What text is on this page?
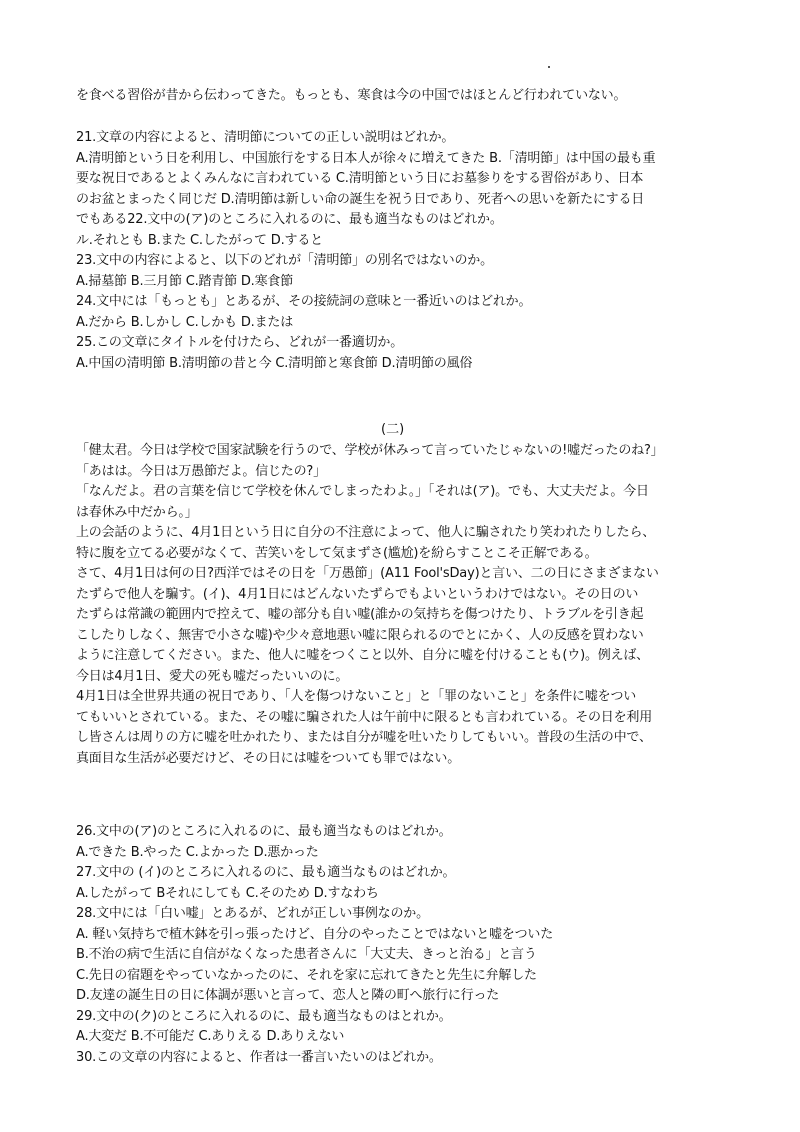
を食べる習俗が昔から伝わってきた。もっとも、寒食は今の中国ではほとんど行われていない。
21.文章の内容によると、清明節についての正しい説明はどれか。
A.清明節という日を利用し、中国旅行をする日本人が徐々に増えてきた B.「清明節」は中国の最も重
要な祝日であるとよくみんなに言われている C.清明節という日にお墓参りをする習俗があり、日本
のお盆とまったく同じだ D.清明節は新しい命の誕生を祝う日であり、死者への思いを新たにする日
でもある22.文中の(ア)のところに入れるのに、最も適当なものはどれか。
ル.それとも B.また C.したがって D.すると
23.文中の内容によると、以下のどれが「清明節」の別名ではないのか。
A.掃墓節 B.三月節 C.踏青節 D.寒食節
24.文中には「もっとも」とあるが、その接続詞の意味と一番近いのはどれか。
A.だから B.しかし C.しかも D.または
25.この文章にタイトルを付けたら、どれが一番適切か。
A.中国の清明節 B.清明節の昔と今 C.清明節と寒食節 D.清明節の風俗
(二)
「健太君。今日は学校で国家試験を行うので、学校が休みって言っていたじゃないの!嘘だったのね?」
「あはは。今日は万愚節だよ。信じたの?」
「なんだよ。君の言葉を信じて学校を休んでしまったわよ。」「それは(ア)。でも、大丈夫だよ。今日
は春休み中だから。」
上の会話のように、4月1日という日に自分の不注意によって、他人に騙されたり笑われたりしたら、
特に腹を立てる必要がなくて、苦笑いをして気まずさ(尴尬)を紛らすことこそ正解である。
さて、4月1日は何の日?西洋ではその日を「万愚節」(A11 Fool'sDay)と言い、二の日にさまざまない
たずらで他人を騙す。(イ)、4月1日にはどんないたずらでもよいというわけではない。その日のい
たずらは常識の範囲内で控えて、嘘の部分も自い嘘(誰かの気持ちを傷つけたり、トラブルを引き起
こしたりしなく、無害で小さな嘘)や少々意地悪い嘘に限られるのでとにかく、人の反感を買わない
ように注意してください。また、他人に嘘をつくこと以外、自分に嘘を付けることも(ウ)。例えば、
今日は4月1日、愛犬の死も嘘だったいいのに。
4月1日は全世界共通の祝日であり、「人を傷つけないこと」と「罪のないこと」を条件に嘘をつい
てもいいとされている。また、その嘘に騙された人は午前中に限るとも言われている。その日を利用
し皆さんは周りの方に嘘を吐かれたり、または自分が嘘を吐いたりしてもいい。普段の生活の中で、
真面目な生活が必要だけど、その日には嘘をついても罪ではない。
26.文中の(ア)のところに入れるのに、最も適当なものはどれか。
A.できた B.やった C.よかった D.悪かった
27.文中の (イ)のところに入れるのに、最も適当なものはどれか。
A.したがって Bそれにしても C.そのため D.すなわち
28.文中には「白い嘘」とあるが、どれが正しい事例なのか。
A. 軽い気持ちで植木鉢を引っ張ったけど、自分のやったことではないと嘘をついた
B.不治の病で生活に自信がなくなった患者さんに「大丈夫、きっと治る」と言う
C.先日の宿題をやっていなかったのに、それを家に忘れてきたと先生に弁解した
D.友達の誕生日の日に体調が悪いと言って、恋人と隣の町へ旅行に行った
29.文中の(ク)のところに入れるのに、最も適当なものはとれか。
A.大変だ B.不可能だ C.ありえる D.ありえない
30.この文章の内容によると、作者は一番言いたいのはどれか。
